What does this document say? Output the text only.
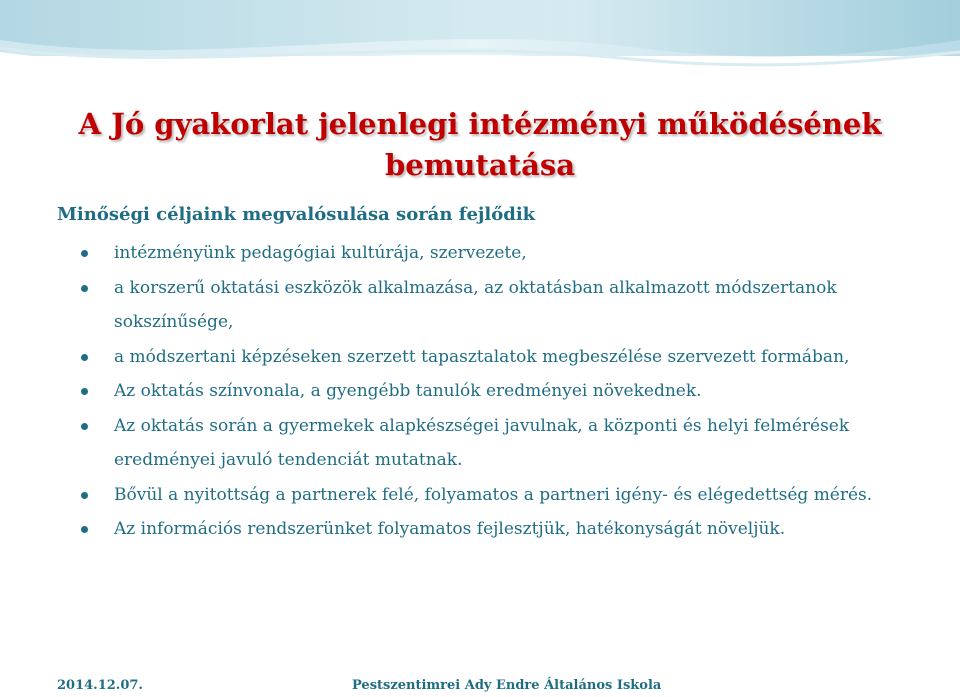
A Jó gyakorlat jelenlegi intézményi működésének
bemutatása

Minőségi céljaink megvalósulása során fejlődik

intézményünk pedagógiai kultúrája, szervezete,
a korszerű oktatási eszközök alkalmazása, az oktatásban alkalmazott módszertanok sokszínűsége,
a módszertani képzéseken szerzett tapasztalatok megbeszélése szervezett formában,
Az oktatás színvonala, a gyengébb tanulók eredményei növekednek.
Az oktatás során a gyermekek alapkészségei javulnak, a központi és helyi felmérések eredményei javuló tendenciát mutatnak.
Bővül a nyitottság a partnerek felé, folyamatos a partneri igény- és elégedettség mérés.
Az információs rendszerünket folyamatos fejlesztjük, hatékonyságát növeljük.
2014.12.07.	Pestszentimrei Ady Endre Általános Iskola
